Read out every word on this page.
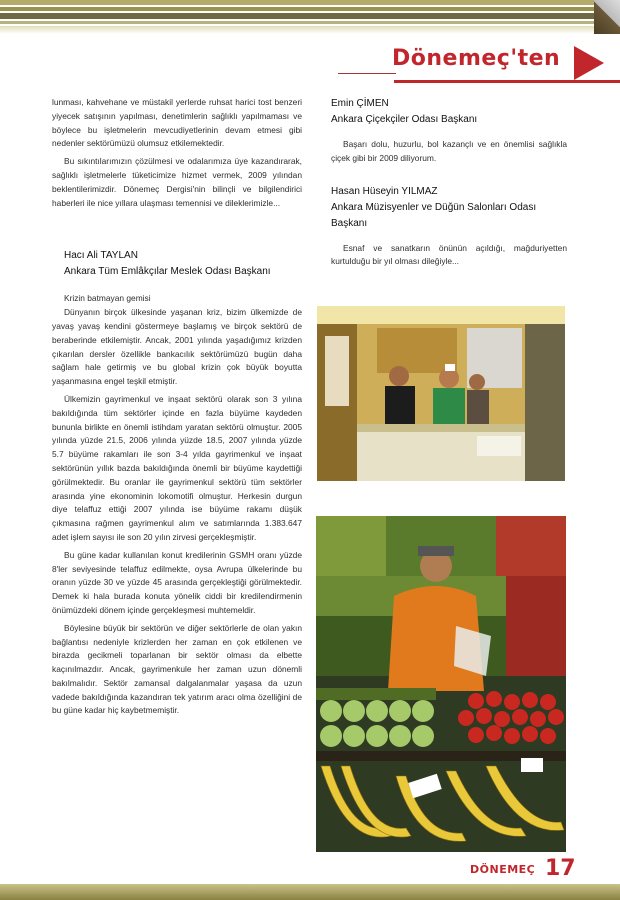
Dönemeç'ten

lunması, kahvehane ve müstakil yerlerde ruhsat harici tost benzeri yiyecek satışının yapılması, denetimlerin sağlıklı yapılmaması ve böylece bu işletmelerin mevcudiyetlerinin devam etmesi gibi nedenler sektörümüzü olumsuz etkilemektedir.

Bu sıkıntılarımızın çözülmesi ve odalarımıza üye kazandırarak, sağlıklı işletmelerle tüketicimize hizmet vermek, 2009 yılından beklentilerimizdir. Dönemeç Dergisi'nin bilinçli ve bilgilendirici haberleri ile nice yıllara ulaşması temennisi ve dileklerimizle...

Hacı Ali TAYLAN
Ankara Tüm Emlâkçılar Meslek Odası Başkanı

Krizin batmayan gemisi

Dünyanın birçok ülkesinde yaşanan kriz, bizim ülkemizde de yavaş yavaş kendini göstermeye başlamış ve birçok sektörü de beraberinde etkilemiştir. Ancak, 2001 yılında yaşadığımız krizden çıkarılan dersler özellikle bankacılık sektörümüzü bugün daha sağlam hale getirmiş ve bu global krizin çok büyük boyutta yaşanmasına engel teşkil etmiştir.

Ülkemizin gayrimenkul ve inşaat sektörü olarak son 3 yılına bakıldığında tüm sektörler içinde en fazla büyüme kaydeden bununla birlikte en önemli istihdam yaratan sektörü olmuştur. 2005 yılında yüzde 21.5, 2006 yılında yüzde 18.5, 2007 yılında yüzde 5.7 büyüme rakamları ile son 3-4 yılda gayrimenkul ve inşaat sektörünün yıllık bazda bakıldığında önemli bir büyüme kaydettiği görülmektedir. Bu oranlar ile gayrimenkul sektörü tüm sektörler arasında yine ekonominin lokomotifi olmuştur. Herkesin durgun diye telaffuz ettiği 2007 yılında ise büyüme rakamı düşük çıkmasına rağmen gayrimenkul alım ve satımlarında 1.383.647 adet işlem sayısı ile son 20 yılın zirvesi gerçekleşmiştir.

Bu güne kadar kullanılan konut kredilerinin GSMH oranı yüzde 8'ler seviyesinde telaffuz edilmekte, oysa Avrupa ülkelerinde bu oranın yüzde 30 ve yüzde 45 arasında gerçekleştiği görülmektedir. Demek ki hala burada konuta yönelik ciddi bir kredilendirmenin önümüzdeki dönem içinde gerçekleşmesi muhtemeldir.

Böylesine büyük bir sektörün ve diğer sektörlerle de olan yakın bağlantısı nedeniyle krizlerden her zaman en çok etkilenen ve birazda gecikmeli toparlanan bir sektör olması da elbette kaçınılmazdır. Ancak, gayrimenkule her zaman uzun dönemli bakılmalıdır. Sektör zamansal dalgalanmalar yaşasa da uzun vadede bakıldığında kazandıran tek yatırım aracı olma özelliğini de bu güne kadar hiç kaybetmemiştir.

Emin ÇİMEN
Ankara Çiçekçiler Odası Başkanı

Başarı dolu, huzurlu, bol kazançlı ve en önemlisi sağlıkla çiçek gibi bir 2009 diliyorum.

Hasan Hüseyin YILMAZ
Ankara Müzisyenler ve Düğün Salonları Odası Başkanı

Esnaf ve sanatkarın önünün açıldığı, mağduriyetten kurtulduğu bir yıl olması dileğiyle...

DÖNEMEÇ 17
